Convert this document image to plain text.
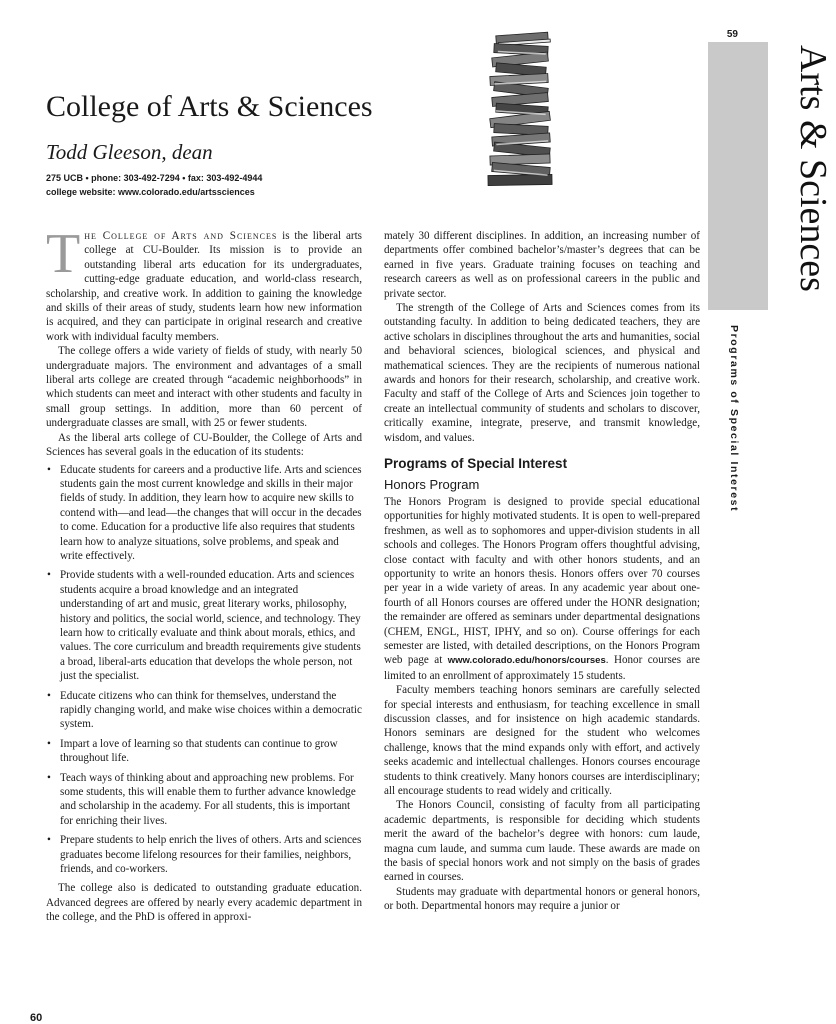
59
Arts & Sciences
Programs of Special Interest
College of Arts & Sciences
Todd Gleeson, dean
275 UCB • phone: 303-492-7294 • fax: 303-492-4944
college website: www.colorado.edu/artssciences

The College of Arts and Sciences is the liberal arts college at CU-Boulder. Its mission is to provide an outstanding liberal arts education for its undergraduates, cutting-edge graduate education, and world-class research, scholarship, and creative work. In addition to gaining the knowledge and skills of their areas of study, students learn how new information is acquired, and they can participate in original research and creative work with individual faculty members.

The college offers a wide variety of fields of study, with nearly 50 undergraduate majors. The environment and advantages of a small liberal arts college are created through “academic neighborhoods” in which students can meet and interact with other students and faculty in small group settings. In addition, more than 60 percent of undergraduate classes are small, with 25 or fewer students.

As the liberal arts college of CU-Boulder, the College of Arts and Sciences has several goals in the education of its students:

• Educate students for careers and a productive life. Arts and sciences students gain the most current knowledge and skills in their major fields of study. In addition, they learn how to acquire new skills to contend with—and lead—the changes that will occur in the decades to come. Education for a productive life also requires that students learn how to analyze situations, solve problems, and speak and write effectively.
• Provide students with a well-rounded education. Arts and sciences students acquire a broad knowledge and an integrated understanding of art and music, great literary works, philosophy, history and politics, the social world, science, and technology. They learn how to critically evaluate and think about morals, ethics, and values. The core curriculum and breadth requirements give students a broad, liberal-arts education that develops the whole person, not just the specialist.
• Educate citizens who can think for themselves, understand the rapidly changing world, and make wise choices within a democratic system.
• Impart a love of learning so that students can continue to grow throughout life.
• Teach ways of thinking about and approaching new problems. For some students, this will enable them to further advance knowledge and scholarship in the academy. For all students, this is important for enriching their lives.
• Prepare students to help enrich the lives of others. Arts and sciences graduates become lifelong resources for their families, neighbors, friends, and co-workers.

The college also is dedicated to outstanding graduate education. Advanced degrees are offered by nearly every academic department in the college, and the PhD is offered in approxi-

mately 30 different disciplines. In addition, an increasing number of departments offer combined bachelor’s/master’s degrees that can be earned in five years. Graduate training focuses on teaching and research careers as well as on professional careers in the public and private sector.

The strength of the College of Arts and Sciences comes from its outstanding faculty. In addition to being dedicated teachers, they are active scholars in disciplines throughout the arts and humanities, social and behavioral sciences, biological sciences, and physical and mathematical sciences. They are the recipients of numerous national awards and honors for their research, scholarship, and creative work. Faculty and staff of the College of Arts and Sciences join together to create an intellectual community of students and scholars to discover, critically examine, integrate, preserve, and transmit knowledge, wisdom, and values.

Programs of Special Interest
Honors Program

The Honors Program is designed to provide special educational opportunities for highly motivated students. It is open to well-prepared freshmen, as well as to sophomores and upper-division students in all schools and colleges. The Honors Program offers thoughtful advising, close contact with faculty and with other honors students, and an opportunity to write an honors thesis. Honors offers over 70 courses per year in a wide variety of areas. In any academic year about one-fourth of all Honors courses are offered under the HONR designation; the remainder are offered as seminars under departmental designations (CHEM, ENGL, HIST, IPHY, and so on). Course offerings for each semester are listed, with detailed descriptions, on the Honors Program web page at www.colorado.edu/honors/courses. Honor courses are limited to an enrollment of approximately 15 students.

Faculty members teaching honors seminars are carefully selected for special interests and enthusiasm, for teaching excellence in small discussion classes, and for insistence on high academic standards. Honors seminars are designed for the student who welcomes challenge, knows that the mind expands only with effort, and actively seeks academic and intellectual challenges. Honors courses encourage students to think creatively. Many honors courses are interdisciplinary; all encourage students to read widely and critically.

The Honors Council, consisting of faculty from all participating academic departments, is responsible for deciding which students merit the award of the bachelor’s degree with honors: cum laude, magna cum laude, and summa cum laude. These awards are made on the basis of special honors work and not simply on the basis of grades earned in courses.

Students may graduate with departmental honors or general honors, or both. Departmental honors may require a junior or

60
